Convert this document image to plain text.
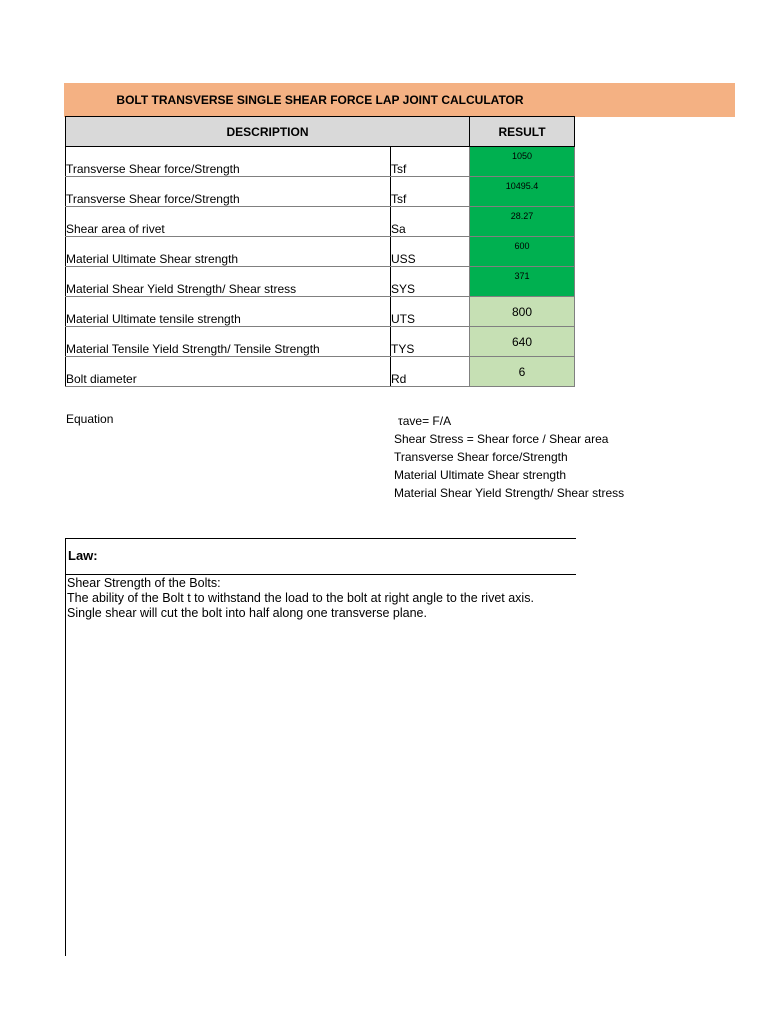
BOLT TRANSVERSE SINGLE SHEAR FORCE LAP JOINT CALCULATOR
DESCRIPTION		RESULT	
Transverse Shear force/Strength	Tsf	1050	
Transverse Shear force/Strength	Tsf	10495.4	
Shear area of rivet	Sa	28.27	
Material Ultimate Shear strength	USS	600	
Material Shear Yield Strength/ Shear stress	SYS	371	
Material Ultimate tensile strength	UTS	800	
Material Tensile Yield Strength/ Tensile Strength	TYS	640	
Bolt diameter	Rd	6	
Equation	τave= F/A
Shear Stress = Shear force / Shear area
Transverse Shear force/Strength
Material Ultimate Shear strength
Material Shear Yield Strength/ Shear stress
Law:
Shear Strength of the Bolts:
The ability of the Bolt t to withstand the load to the bolt at right angle to the rivet axis.
Single shear will cut the bolt into half along one transverse plane.
